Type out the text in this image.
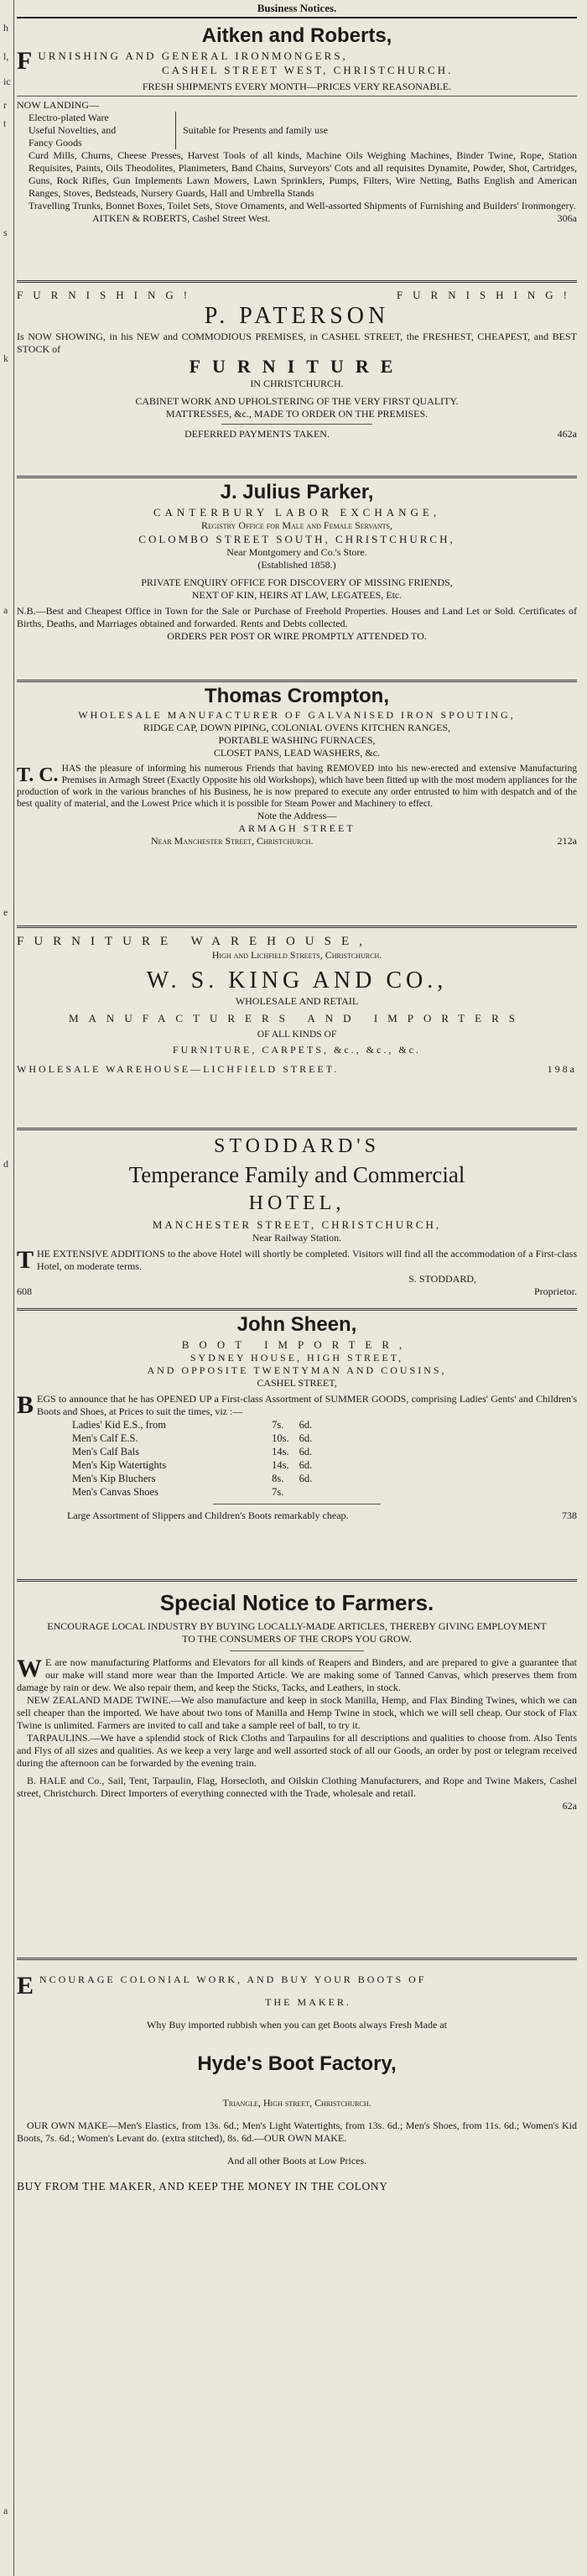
h
l,
ic
r
t
s
k
a
e
d
a
Business Notices.

Aitken and Roberts,

FURNISHING AND GENERAL IRONMONGERS,

CASHEL STREET WEST, CHRISTCHURCH.

FRESH SHIPMENTS EVERY MONTH—PRICES VERY REASONABLE.

NOW LANDING—

Electro-plated Ware
Useful Novelties, and
Fancy Goods
Suitable for Presents and family use

Curd Mills, Churns, Cheese Presses, Harvest Tools of all kinds, Machine Oils Weighing Machines, Binder Twine, Rope, Station Requisites, Paints, Oils Theodolites, Planimeters, Band Chains, Surveyors' Cots and all requisites Dynamite, Powder, Shot, Cartridges, Guns, Rock Rifles, Gun Implements Lawn Mowers, Lawn Sprinklers, Pumps, Filters, Wire Netting, Baths English and American Ranges, Stoves, Bedsteads, Nursery Guards, Hall and Umbrella Stands

Travelling Trunks, Bonnet Boxes, Toilet Sets, Stove Ornaments, and Well-assorted Shipments of Furnishing and Builders' Ironmongery.

AITKEN & ROBERTS, Cashel Street West.	306a
FURNISHING!	FURNISHING!

P. PATERSON

Is NOW SHOWING, in his NEW and COMMODIOUS PREMISES, in CASHEL STREET, the FRESHEST, CHEAPEST, and BEST STOCK of

FURNITURE

IN CHRISTCHURCH.

CABINET WORK AND UPHOLSTERING OF THE VERY FIRST QUALITY.

MATTRESSES, &c., MADE TO ORDER ON THE PREMISES.

DEFERRED PAYMENTS TAKEN.	462a

J. Julius Parker,

CANTERBURY LABOR EXCHANGE,

Registry Office for Male and Female Servants,

COLOMBO STREET SOUTH, CHRISTCHURCH,

Near Montgomery and Co.'s Store.

(Established 1858.)

PRIVATE ENQUIRY OFFICE FOR DISCOVERY OF MISSING FRIENDS,

NEXT OF KIN, HEIRS AT LAW, LEGATEES, Etc.

N.B.—Best and Cheapest Office in Town for the Sale or Purchase of Freehold Properties. Houses and Land Let or Sold. Certificates of Births, Deaths, and Marriages obtained and forwarded. Rents and Debts collected.

ORDERS PER POST OR WIRE PROMPTLY ATTENDED TO.

Thomas Crompton,

WHOLESALE MANUFACTURER OF GALVANISED IRON SPOUTING,

RIDGE CAP, DOWN PIPING, COLONIAL OVENS KITCHEN RANGES,

PORTABLE WASHING FURNACES,

CLOSET PANS, LEAD WASHERS, &c.

T. C. HAS the pleasure of informing his numerous Friends that having REMOVED into his new-erected and extensive Manufacturing Premises in Armagh Street (Exactly Opposite his old Workshops), which have been fitted up with the most modern appliances for the production of work in the various branches of his Business, he is now prepared to execute any order entrusted to him with despatch and of the best quality of material, and the Lowest Price which it is possible for Steam Power and Machinery to effect.

Note the Address—

ARMAGH STREET

Near Manchester Street, Christchurch.	212a

FURNITURE WAREHOUSE,

High and Lichfield Streets, Christchurch.

W. S. KING AND CO.,

WHOLESALE AND RETAIL

MANUFACTURERS AND IMPORTERS

OF ALL KINDS OF

FURNITURE, CARPETS, &c., &c., &c.

WHOLESALE WAREHOUSE—LICHFIELD STREET.	198a

STODDARD'S

Temperance Family and Commercial

HOTEL,

MANCHESTER STREET, CHRISTCHURCH,

Near Railway Station.

THE EXTENSIVE ADDITIONS to the above Hotel will shortly be completed. Visitors will find all the accommodation of a First-class Hotel, on moderate terms.

S. STODDARD,
608	Proprietor.

John Sheen,

BOOT IMPORTER,

SYDNEY HOUSE, HIGH STREET,

AND OPPOSITE TWENTYMAN AND COUSINS,

CASHEL STREET,

BEGS to announce that he has OPENED UP a First-class Assortment of SUMMER GOODS, comprising Ladies' Gents' and Children's Boots and Shoes, at Prices to suit the times, viz :—

Ladies' Kid E.S., from	7s.	6d.
Men's Calf E.S.	10s.	6d.
Men's Calf Bals	14s.	6d.
Men's Kip Watertights	14s.	6d.
Men's Kip Bluchers	8s.	6d.
Men's Canvas Shoes	7s.	
Large Assortment of Slippers and Children's Boots remarkably cheap.	738

Special Notice to Farmers.

ENCOURAGE LOCAL INDUSTRY BY BUYING LOCALLY-MADE ARTICLES, THEREBY GIVING EMPLOYMENT TO THE CONSUMERS OF THE CROPS YOU GROW.

W E are now manufacturing Platforms and Elevators for all kinds of Reapers and Binders, and are prepared to give a guarantee that our make will stand more wear than the Imported Article. We are making some of Tanned Canvas, which preserves them from damage by rain or dew. We also repair them, and keep the Sticks, Tacks, and Leathers, in stock.

NEW ZEALAND MADE TWINE.—We also manufacture and keep in stock Manilla, Hemp, and Flax Binding Twines, which we can sell cheaper than the imported. We have about two tons of Manilla and Hemp Twine in stock, which we will sell cheap. Our stock of Flax Twine is unlimited. Farmers are invited to call and take a sample reel of ball, to try it.

TARPAULINS.—We have a splendid stock of Rick Cloths and Tarpaulins for all descriptions and qualities to choose from. Also Tents and Flys of all sizes and qualities. As we keep a very large and well assorted stock of all our Goods, an order by post or telegram received during the afternoon can be forwarded by the evening train.

B. HALE and Co., Sail, Tent, Tarpaulin, Flag, Horsecloth, and Oilskin Clothing Manufacturers, and Rope and Twine Makers, Cashel street, Christchurch. Direct Importers of everything connected with the Trade, wholesale and retail.

62a

ENCOURAGE COLONIAL WORK, AND BUY YOUR BOOTS OF

THE MAKER.

Why Buy imported rubbish when you can get Boots always Fresh Made at

Hyde's Boot Factory,

Triangle, High street, Christchurch.

OUR OWN MAKE—Men's Elastics, from 13s. 6d.; Men's Light Watertights, from 13s. 6d.; Men's Shoes, from 11s. 6d.; Women's Kid Boots, 7s. 6d.; Women's Levant do. (extra stitched), 8s. 6d.—OUR OWN MAKE.

And all other Boots at Low Prices.

BUY FROM THE MAKER, AND KEEP THE MONEY IN THE COLONY
